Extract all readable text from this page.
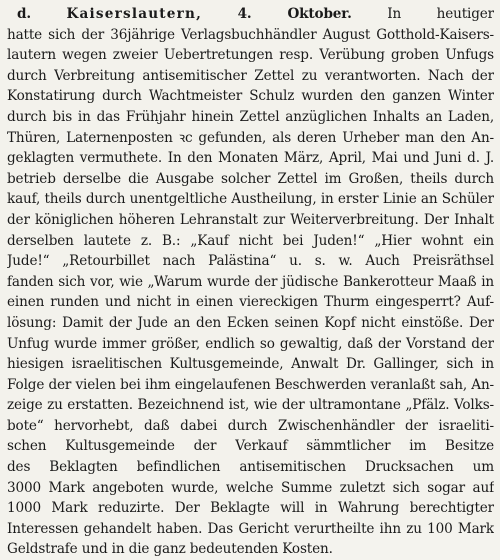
d.	Kaiserslautern,	4. Oktober.	In heutiger
hatte sich der 36jährige Verlagsbuchhändler August Gotthold-Kaisers-
lautern wegen zweier Uebertretungen resp. Verübung groben Unfugs
durch Verbreitung antisemitischer Zettel zu verantworten. Nach der
Konstatirung durch Wachtmeister Schulz wurden den ganzen Winter
durch bis in das Frühjahr hinein Zettel anzüglichen Inhalts an Laden,
Thüren, Laternenposten ꝛc gefunden, als deren Urheber man den An-
geklagten vermuthete. In den Monaten März, April, Mai und Juni d. J.
betrieb derselbe die Ausgabe solcher Zettel im Großen, theils durch
kauf, theils durch unentgeltliche Austheilung, in erster Linie an Schüler
der königlichen höheren Lehranstalt zur Weiterverbreitung. Der Inhalt
derselben lautete z. B.: „Kauf nicht bei Juden!“ „Hier wohnt ein
Jude!“ „Retourbillet nach Palästina“ u. s. w. Auch Preisräthsel
fanden sich vor, wie „Warum wurde der jüdische Bankerotteur Maaß in
einen runden und nicht in einen viereckigen Thurm eingesperrt? Auf-
lösung: Damit der Jude an den Ecken seinen Kopf nicht einstöße. Der
Unfug wurde immer größer, endlich so gewaltig, daß der Vorstand der
hiesigen israelitischen Kultusgemeinde, Anwalt Dr. Gallinger, sich in
Folge der vielen bei ihm eingelaufenen Beschwerden veranlaßt sah, An-
zeige zu erstatten. Bezeichnend ist, wie der ultramontane „Pfälz. Volks-
bote“ hervorhebt, daß dabei durch Zwischenhändler der israeliti-
schen Kultusgemeinde der Verkauf sämmtlicher im Besitze
des Beklagten befindlichen antisemitischen Drucksachen um
3000 Mark angeboten wurde, welche Summe zuletzt sich sogar auf
1000 Mark reduzirte. Der Beklagte will in Wahrung berechtigter
Interessen gehandelt haben. Das Gericht verurtheilte ihn zu 100 Mark
Geldstrafe und in die ganz bedeutenden Kosten.
